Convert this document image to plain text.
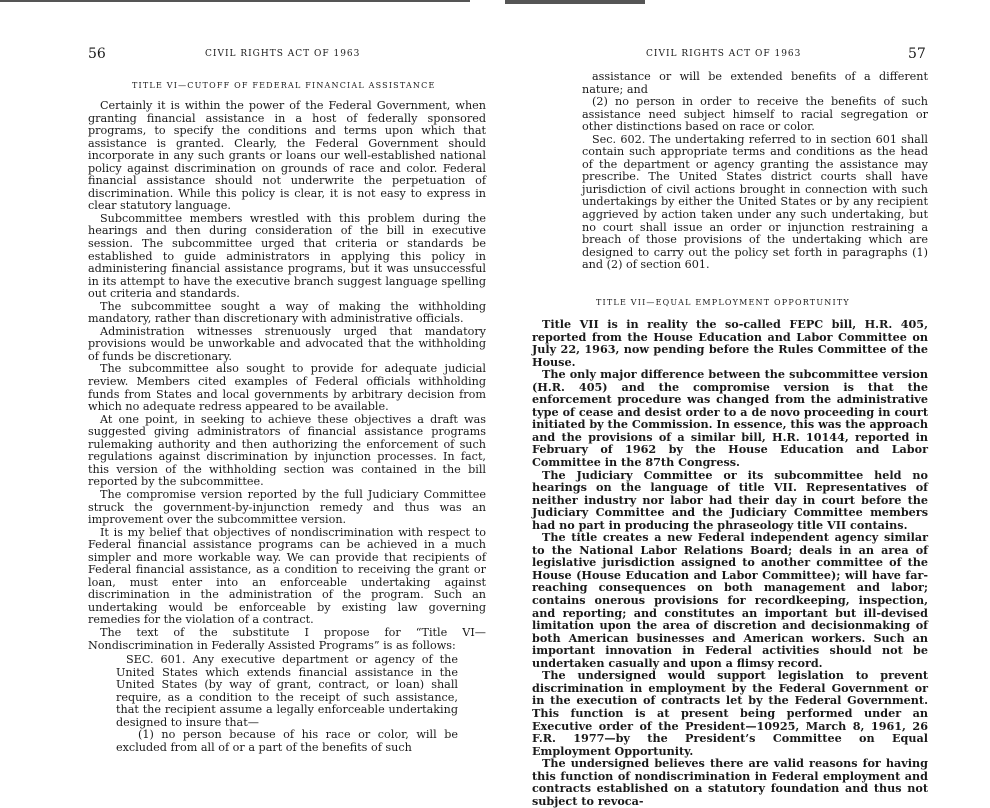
56	CIVIL RIGHTS ACT OF 1963
TITLE VI—CUTOFF OF FEDERAL FINANCIAL ASSISTANCE

Certainly it is within the power of the Federal Government, when granting financial assistance in a host of federally sponsored programs, to specify the conditions and terms upon which that assistance is granted. Clearly, the Federal Government should incorporate in any such grants or loans our well-established national policy against discrimination on grounds of race and color. Federal financial assistance should not underwrite the perpetuation of discrimination. While this policy is clear, it is not easy to express in clear statutory language.

Subcommittee members wrestled with this problem during the hearings and then during consideration of the bill in executive session. The subcommittee urged that criteria or standards be established to guide administrators in applying this policy in administering financial assistance programs, but it was unsuccessful in its attempt to have the executive branch suggest language spelling out criteria and standards.

The subcommittee sought a way of making the withholding mandatory, rather than discretionary with administrative officials.

Administration witnesses strenuously urged that mandatory provisions would be unworkable and advocated that the withholding of funds be discretionary.

The subcommittee also sought to provide for adequate judicial review. Members cited examples of Federal officials withholding funds from States and local governments by arbitrary decision from which no adequate redress appeared to be available.

At one point, in seeking to achieve these objectives a draft was suggested giving administrators of financial assistance programs rulemaking authority and then authorizing the enforcement of such regulations against discrimination by injunction processes. In fact, this version of the withholding section was contained in the bill reported by the subcommittee.

The compromise version reported by the full Judiciary Committee struck the government-by-injunction remedy and thus was an improvement over the subcommittee version.

It is my belief that objectives of nondiscrimination with respect to Federal financial assistance programs can be achieved in a much simpler and more workable way. We can provide that recipients of Federal financial assistance, as a condition to receiving the grant or loan, must enter into an enforceable undertaking against discrimination in the administration of the program. Such an undertaking would be enforceable by existing law governing remedies for the violation of a contract.

The text of the substitute I propose for “Title VI—Nondiscrimination in Federally Assisted Programs” is as follows:

SEC. 601. Any executive department or agency of the United States which extends financial assistance in the United States (by way of grant, contract, or loan) shall require, as a condition to the receipt of such assistance, that the recipient assume a legally enforceable undertaking designed to insure that—

(1) no person because of his race or color, will be excluded from all of or a part of the benefits of such

CIVIL RIGHTS ACT OF 1963	57

assistance or will be extended benefits of a different nature; and

(2) no person in order to receive the benefits of such assistance need subject himself to racial segregation or other distinctions based on race or color.

Sec. 602. The undertaking referred to in section 601 shall contain such appropriate terms and conditions as the head of the department or agency granting the assistance may prescribe. The United States district courts shall have jurisdiction of civil actions brought in connection with such undertakings by either the United States or by any recipient aggrieved by action taken under any such undertaking, but no court shall issue an order or injunction restraining a breach of those provisions of the undertaking which are designed to carry out the policy set forth in paragraphs (1) and (2) of section 601.

TITLE VII—EQUAL EMPLOYMENT OPPORTUNITY

Title VII is in reality the so-called FEPC bill, H.R. 405, reported from the House Education and Labor Committee on July 22, 1963, now pending before the Rules Committee of the House.

The only major difference between the subcommittee version (H.R. 405) and the compromise version is that the enforcement procedure was changed from the administrative type of cease and desist order to a de novo proceeding in court initiated by the Commission. In essence, this was the approach and the provisions of a similar bill, H.R. 10144, reported in February of 1962 by the House Education and Labor Committee in the 87th Congress.

The Judiciary Committee or its subcommittee held no hearings on the language of title VII. Representatives of neither industry nor labor had their day in court before the Judiciary Committee and the Judiciary Committee members had no part in producing the phraseology title VII contains.

The title creates a new Federal independent agency similar to the National Labor Relations Board; deals in an area of legislative jurisdiction assigned to another committee of the House (House Education and Labor Committee); will have far-reaching consequences on both management and labor; contains onerous provisions for recordkeeping, inspection, and reporting; and constitutes an important but ill-devised limitation upon the area of discretion and decisionmaking of both American businesses and American workers. Such an important innovation in Federal activities should not be undertaken casually and upon a flimsy record.

The undersigned would support legislation to prevent discrimination in employment by the Federal Government or in the execution of contracts let by the Federal Government. This function is at present being performed under an Executive order of the President—10925, March 8, 1961, 26 F.R. 1977—by the President’s Committee on Equal Employment Opportunity.

The undersigned believes there are valid reasons for having this function of nondiscrimination in Federal employment and contracts established on a statutory foundation and thus not subject to revoca-
